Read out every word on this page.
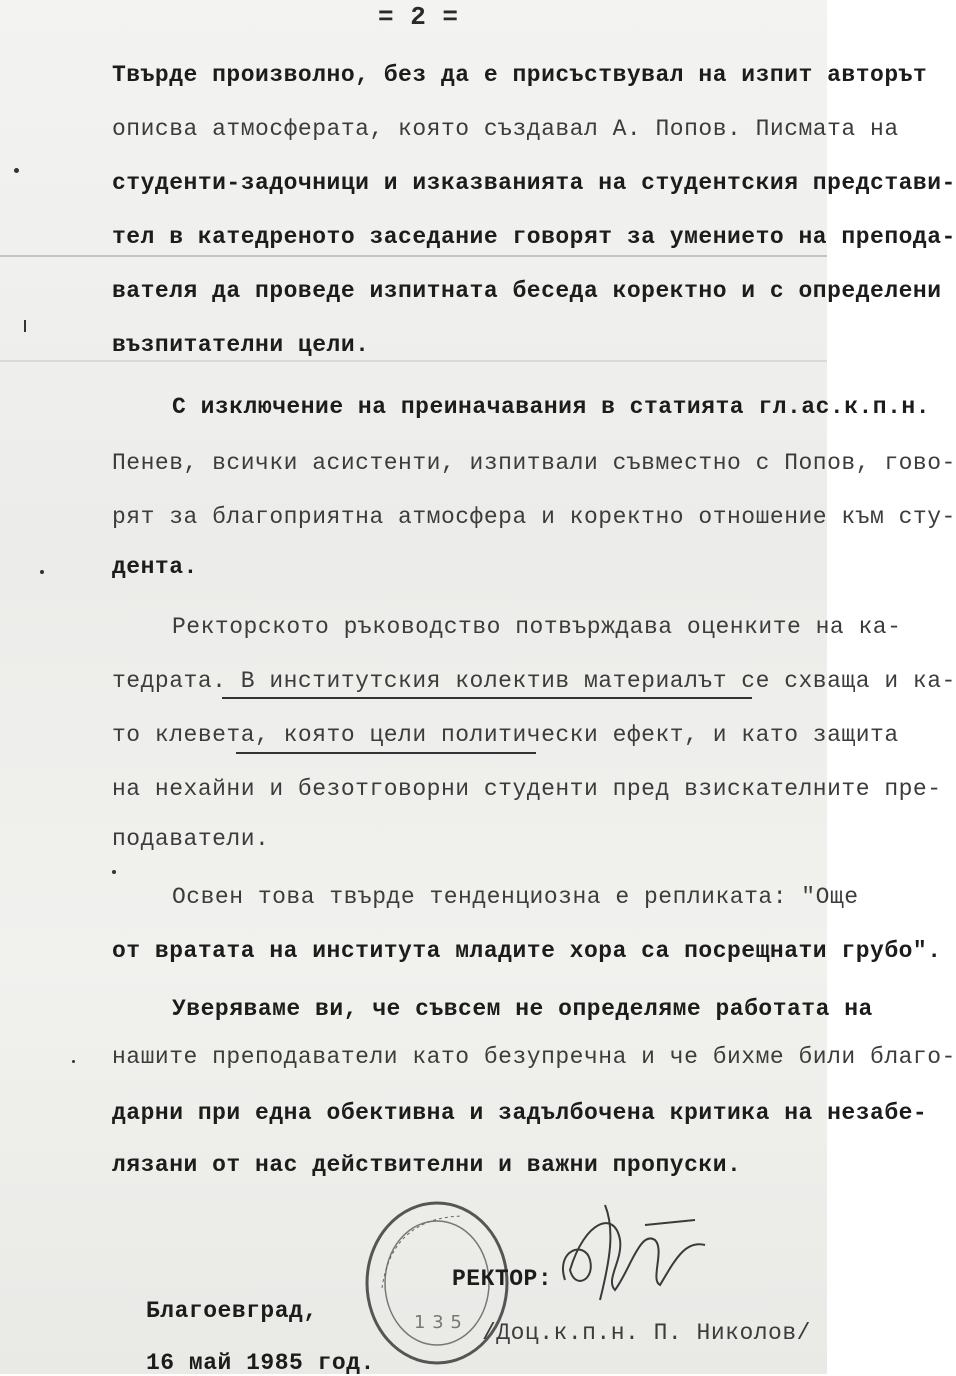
= 2 =
Твърде произволно, без да е присъствувал на изпит авторът
описва атмосферата, която създавал А. Попов. Писмата на
студенти-задочници и изказванията на студентския представи-
тел в катедреното заседание говорят за умението на препода-
вателя да проведе изпитната беседа коректно и с определени
възпитателни цели.
С изключение на преиначавания в статията гл.ас.к.п.н.
Пенев, всички асистенти, изпитвали съвместно с Попов, гово-
рят за благоприятна атмосфера и коректно отношение към сту-
дента.
Ректорското ръководство потвърждава оценките на ка-
тедрата. В институтския колектив материалът се схваща и ка-
то клевета, която цели политически ефект, и като защита
на нехайни и безотговорни студенти пред взискателните пре-
подаватели.
Освен това твърде тенденциозна е репликата: "Още
от вратата на института младите хора са посрещнати грубо".
Уверяваме ви, че съвсем не определяме работата на
нашите преподаватели като безупречна и че бихме били благо-
дарни при една обективна и задълбочена критика на незабе-
лязани от нас действителни и важни пропуски.
1 3 5
РЕКТОР:
/Доц.к.п.н. П. Николов/
Благоевград,
16 май 1985 год.
